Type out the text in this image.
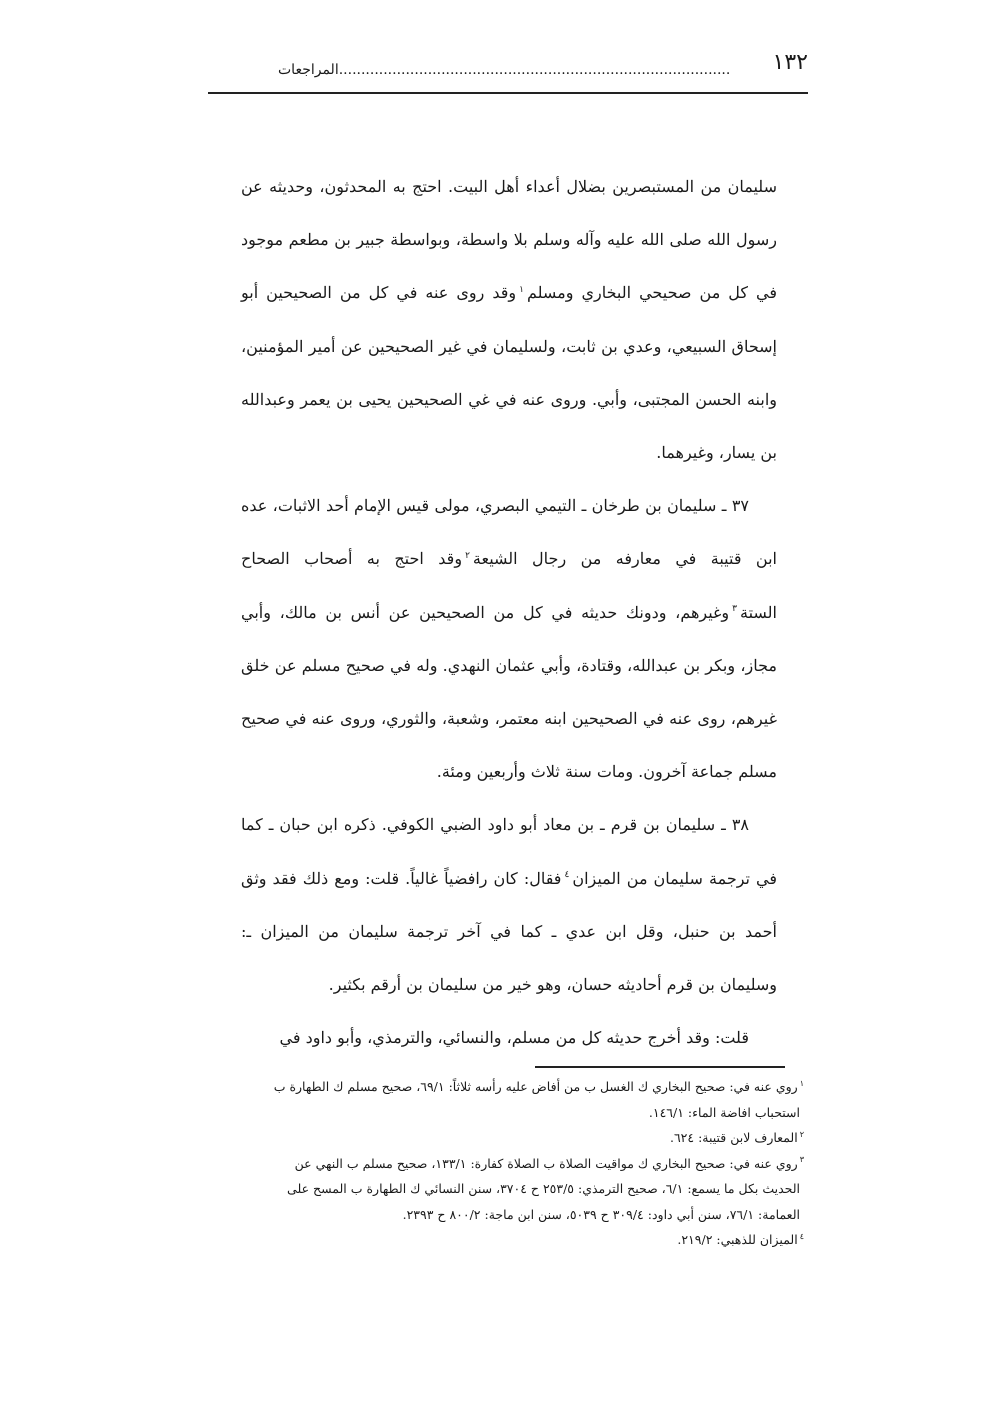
١٣٢
........................................................................................المراجعات

سليمان من المستبصرين بضلال أعداء أهل البيت. احتج به المحدثون، وحديثه عن رسول الله صلى الله عليه وآله وسلم بلا واسطة، وبواسطة جبير بن مطعم موجود في كل من صحيحي البخاري ومسلم$^١$وقد روى عنه في كل من الصحيحين أبو إسحاق السبيعي، وعدي بن ثابت، ولسليمان في غير الصحيحين عن أمير المؤمنين، وابنه الحسن المجتبى، وأبي. وروى عنه في غي الصحيحين يحيى بن يعمر وعبدالله بن يسار، وغيرهما.

٣٧ ـ سليمان بن طرخان ـ التيمي البصري، مولى قيس الإمام أحد الاثبات، عده ابن قتيبة في معارفه من رجال الشيعة$^٢$وقد احتج به أصحاب الصحاح الستة$^٣$وغيرهم، ودونك حديثه في كل من الصحيحين عن أنس بن مالك، وأبي مجاز، وبكر بن عبدالله، وقتادة، وأبي عثمان النهدي. وله في صحيح مسلم عن خلق غيرهم، روى عنه في الصحيحين ابنه معتمر، وشعبة، والثوري، وروى عنه في صحيح مسلم جماعة آخرون. ومات سنة ثلاث وأربعين ومئة.

٣٨ ـ سليمان بن قرم ـ بن معاد أبو داود الضبي الكوفي. ذكره ابن حبان ـ كما في ترجمة سليمان من الميزان$^٤$فقال: كان رافضياً غالياً. قلت: ومع ذلك فقد وثق أحمد بن حنبل، وقل ابن عدي ـ كما في آخر ترجمة سليمان من الميزان ـ: وسليمان بن قرم أحاديثه حسان، وهو خير من سليمان بن أرقم بكثير.

قلت: وقد أخرج حديثه كل من مسلم، والنسائي، والترمذي، وأبو داود في

$^١$روي عنه في: صحيح البخاري ك الغسل ب من أفاض عليه رأسه ثلاثاً: ٦٩/١، صحيح مسلم ك الطهارة ب

استحباب افاضة الماء: ١٤٦/١.

$^٢$المعارف لابن قتيبة: ٦٢٤.

$^٣$روي عنه في: صحيح البخاري ك مواقيت الصلاة ب الصلاة كفارة: ١٣٣/١، صحيح مسلم ب النهي عن

الحديث بكل ما يسمع: ٦/١، صحيح الترمذي: ٢٥٣/٥ ح ٣٧٠٤، سنن النسائي ك الطهارة ب المسح على

العمامة: ٧٦/١، سنن أبي داود: ٣٠٩/٤ ح ٥٠٣٩، سنن ابن ماجة: ٨٠٠/٢ ح ٢٣٩٣.

$^٤$الميزان للذهبي: ٢١٩/٢.
